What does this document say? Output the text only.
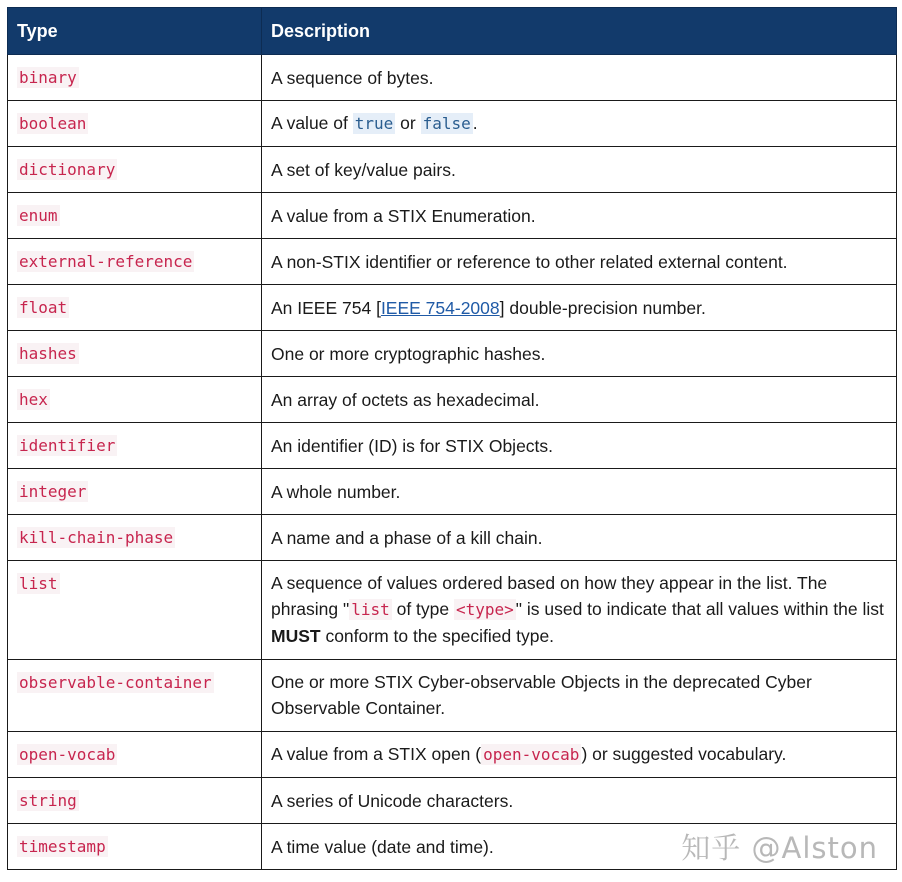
Type	Description
binary	A sequence of bytes.
boolean	A value of true or false .
dictionary	A set of key/value pairs.
enum	A value from a STIX Enumeration.
external-reference	A non-STIX identifier or reference to other related external content.
float	An IEEE 754 [IEEE 754-2008] double-precision number.
hashes	One or more cryptographic hashes.
hex	An array of octets as hexadecimal.
identifier	An identifier (ID) is for STIX Objects.
integer	A whole number.
kill-chain-phase	A name and a phase of a kill chain.
list	A sequence of values ordered based on how they appear in the list. The phrasing " list of type <type> " is used to indicate that all values within the list MUST conform to the specified type.
observable-container	One or more STIX Cyber-observable Objects in the deprecated Cyber Observable Container.
open-vocab	A value from a STIX open ( open-vocab ) or suggested vocabulary.
string	A series of Unicode characters.
timestamp	A time value (date and time).	知乎 @Alston
